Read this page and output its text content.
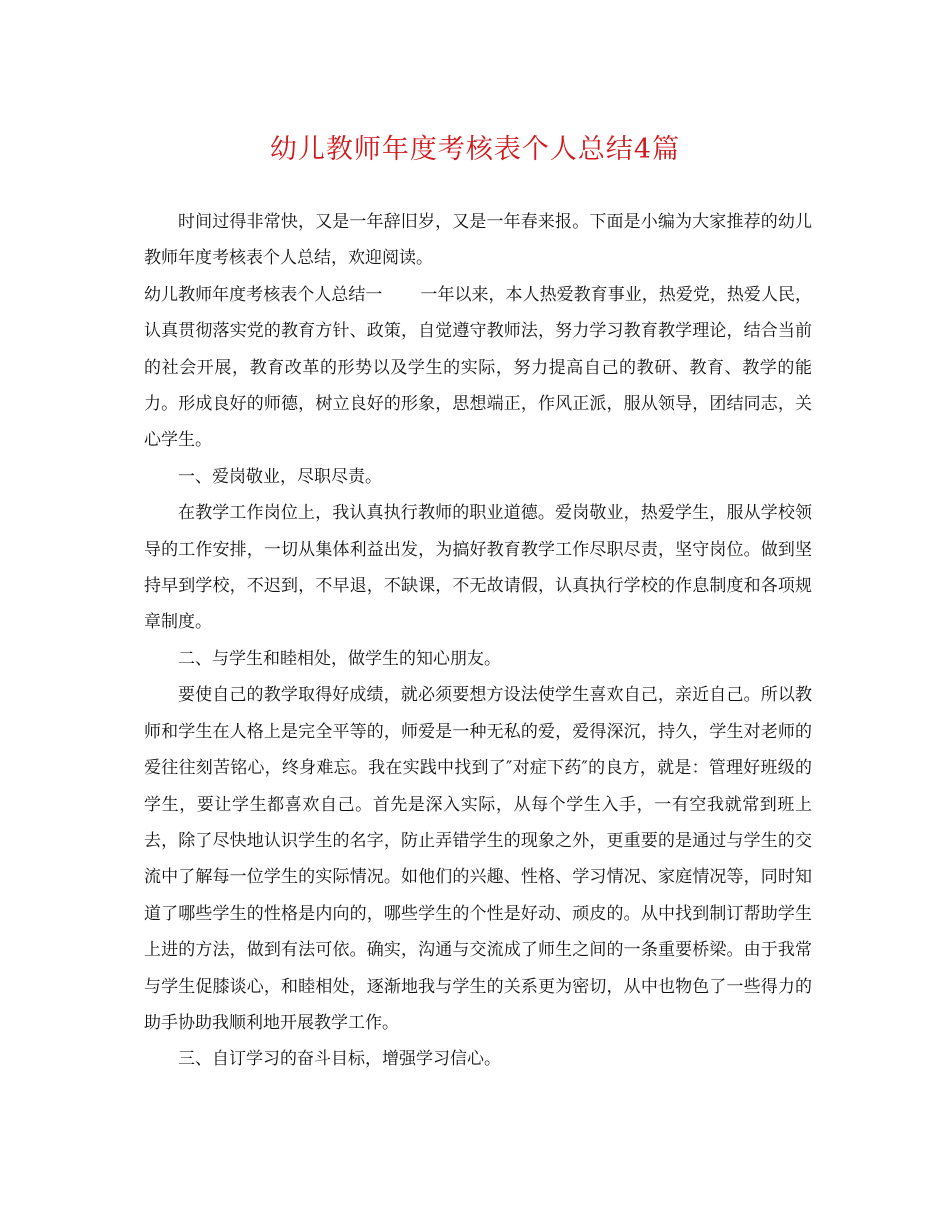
幼儿教师年度考核表个人总结4篇

时间过得非常快，又是一年辞旧岁，又是一年春来报。下面是小编为大家推荐的幼儿教师年度考核表个人总结，欢迎阅读。

幼儿教师年度考核表个人总结一 一年以来，本人热爱教育事业，热爱党，热爱人民，认真贯彻落实党的教育方针、政策，自觉遵守教师法，努力学习教育教学理论，结合当前的社会开展，教育改革的形势以及学生的实际，努力提高自己的教研、教育、教学的能力。形成良好的师德，树立良好的形象，思想端正，作风正派，服从领导，团结同志，关心学生。

一、爱岗敬业，尽职尽责。

在教学工作岗位上，我认真执行教师的职业道德。爱岗敬业，热爱学生，服从学校领导的工作安排，一切从集体利益出发，为搞好教育教学工作尽职尽责，坚守岗位。做到坚持早到学校，不迟到，不早退，不缺课，不无故请假，认真执行学校的作息制度和各项规章制度。

二、与学生和睦相处，做学生的知心朋友。

要使自己的教学取得好成绩，就必须要想方设法使学生喜欢自己，亲近自己。所以教师和学生在人格上是完全平等的，师爱是一种无私的爱，爱得深沉，持久，学生对老师的爱往往刻苦铭心，终身难忘。我在实践中找到了″对症下药″的良方，就是：管理好班级的学生，要让学生都喜欢自己。首先是深入实际，从每个学生入手，一有空我就常到班上去，除了尽快地认识学生的名字，防止弄错学生的现象之外，更重要的是通过与学生的交流中了解每一位学生的实际情况。如他们的兴趣、性格、学习情况、家庭情况等，同时知道了哪些学生的性格是内向的，哪些学生的个性是好动、顽皮的。从中找到制订帮助学生上进的方法，做到有法可依。确实，沟通与交流成了师生之间的一条重要桥梁。由于我常与学生促膝谈心，和睦相处，逐渐地我与学生的关系更为密切，从中也物色了一些得力的助手协助我顺利地开展教学工作。

三、自订学习的奋斗目标，增强学习信心。
